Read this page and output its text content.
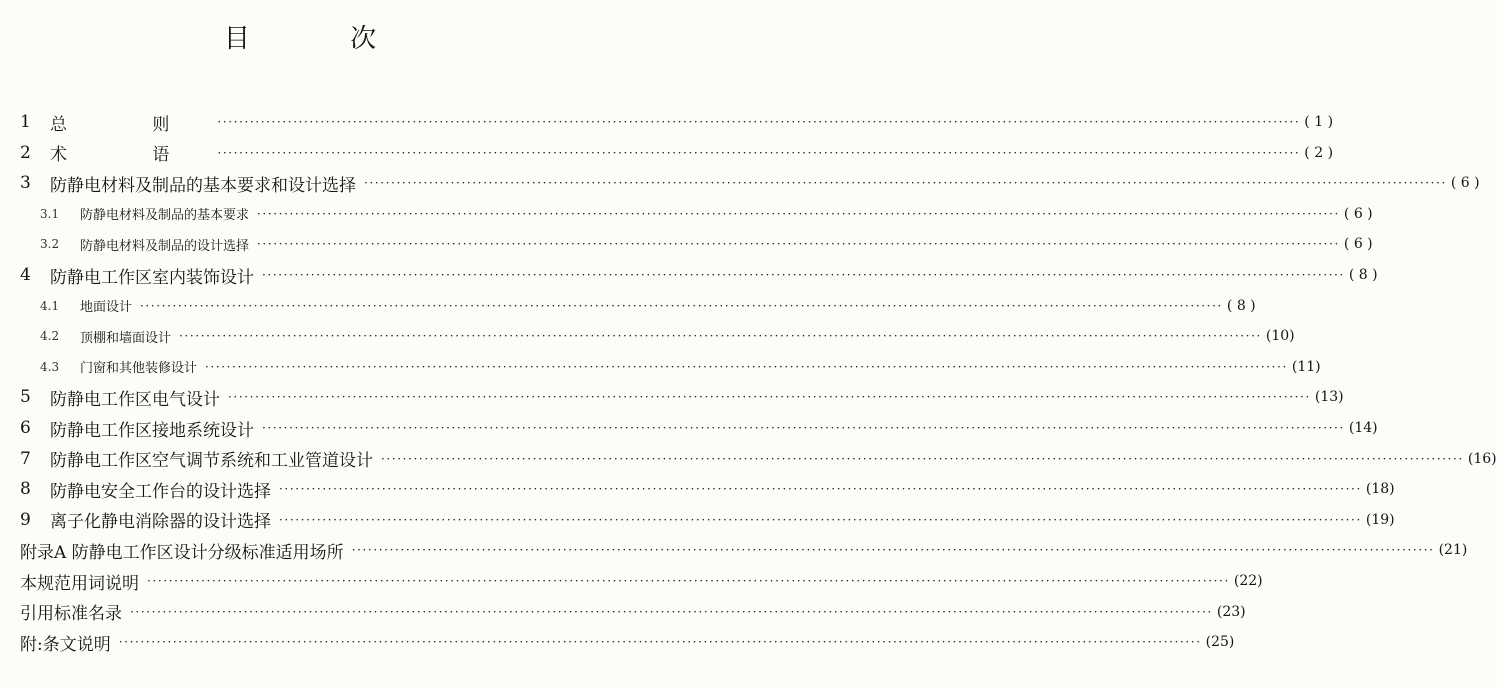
目 次
1	总 则 ········································································································································································································ ( 1 )
2	术 语 ········································································································································································································ ( 2 )
3	防静电材料及制品的基本要求和设计选择 ········································································································································································································ ( 6 )
3.1	防静电材料及制品的基本要求 ········································································································································································································ ( 6 )
3.2	防静电材料及制品的设计选择 ········································································································································································································ ( 6 )
4	防静电工作区室内装饰设计 ········································································································································································································ ( 8 )
4.1	地面设计 ········································································································································································································ ( 8 )
4.2	顶棚和墙面设计 ········································································································································································································ (10)
4.3	门窗和其他装修设计 ········································································································································································································ (11)
5	防静电工作区电气设计 ········································································································································································································ (13)
6	防静电工作区接地系统设计 ········································································································································································································ (14)
7	防静电工作区空气调节系统和工业管道设计 ········································································································································································································ (16)
8	防静电安全工作台的设计选择 ········································································································································································································ (18)
9	离子化静电消除器的设计选择 ········································································································································································································ (19)
附录A 防静电工作区设计分级标准适用场所 ········································································································································································································ (21)
本规范用词说明 ········································································································································································································ (22)
引用标准名录 ········································································································································································································ (23)
附:条文说明 ········································································································································································································ (25)
